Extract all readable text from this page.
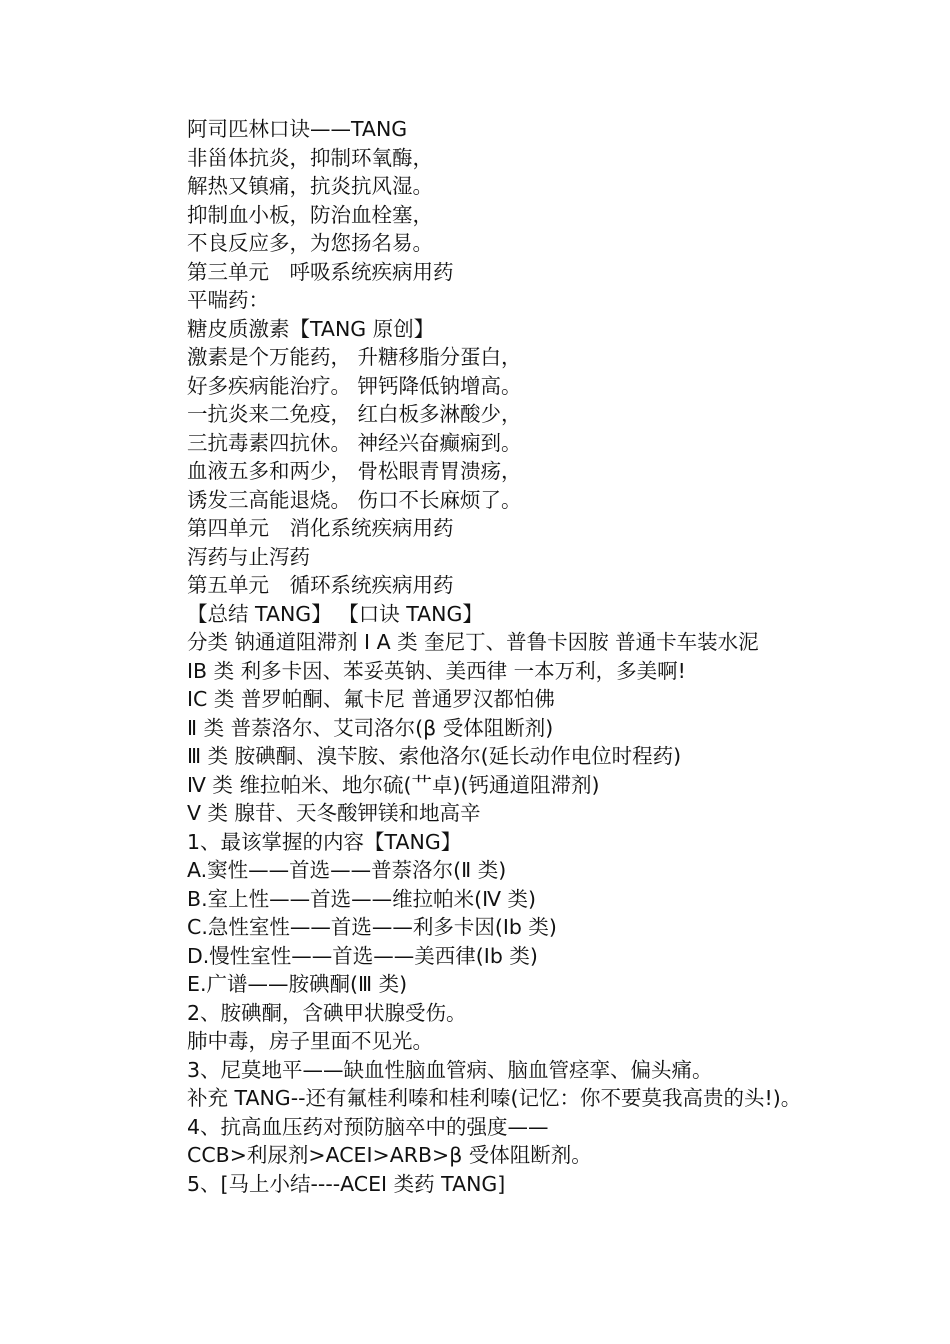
阿司匹林口诀——TANG
非甾体抗炎，抑制环氧酶，
解热又镇痛，抗炎抗风湿。
抑制血小板，防治血栓塞，
不良反应多，为您扬名易。
第三单元　呼吸系统疾病用药
平喘药：
糖皮质激素【TANG 原创】
激素是个万能药， 升糖移脂分蛋白，
好多疾病能治疗。 钾钙降低钠增高。
一抗炎来二免疫， 红白板多淋酸少，
三抗毒素四抗休。 神经兴奋癫痫到。
血液五多和两少， 骨松眼青胃溃疡，
诱发三高能退烧。 伤口不长麻烦了。
第四单元　消化系统疾病用药
泻药与止泻药
第五单元　循环系统疾病用药
【总结 TANG】 【口诀 TANG】
分类 钠通道阻滞剂 Ⅰ A 类 奎尼丁、普鲁卡因胺 普通卡车装水泥
ⅠB 类 利多卡因、苯妥英钠、美西律 一本万利，多美啊!
ⅠC 类 普罗帕酮、氟卡尼 普通罗汉都怕佛
Ⅱ 类 普萘洛尔、艾司洛尔(β 受体阻断剂)
Ⅲ 类 胺碘酮、溴苄胺、索他洛尔(延长动作电位时程药)
Ⅳ 类 维拉帕米、地尔硫(艹卓)(钙通道阻滞剂)
Ⅴ 类 腺苷、天冬酸钾镁和地高辛
1、最该掌握的内容【TANG】
A.窦性——首选——普萘洛尔(Ⅱ 类)
B.室上性——首选——维拉帕米(Ⅳ 类)
C.急性室性——首选——利多卡因(Ⅰb 类)
D.慢性室性——首选——美西律(Ⅰb 类)
E.广谱——胺碘酮(Ⅲ 类)
2、胺碘酮，含碘甲状腺受伤。
肺中毒，房子里面不见光。
3、尼莫地平——缺血性脑血管病、脑血管痉挛、偏头痛。
补充 TANG--还有氟桂利嗪和桂利嗪(记忆：你不要莫我高贵的头!)。
4、抗高血压药对预防脑卒中的强度——
CCB>利尿剂>ACEI>ARB>β 受体阻断剂。
5、[马上小结----ACEI 类药 TANG]
